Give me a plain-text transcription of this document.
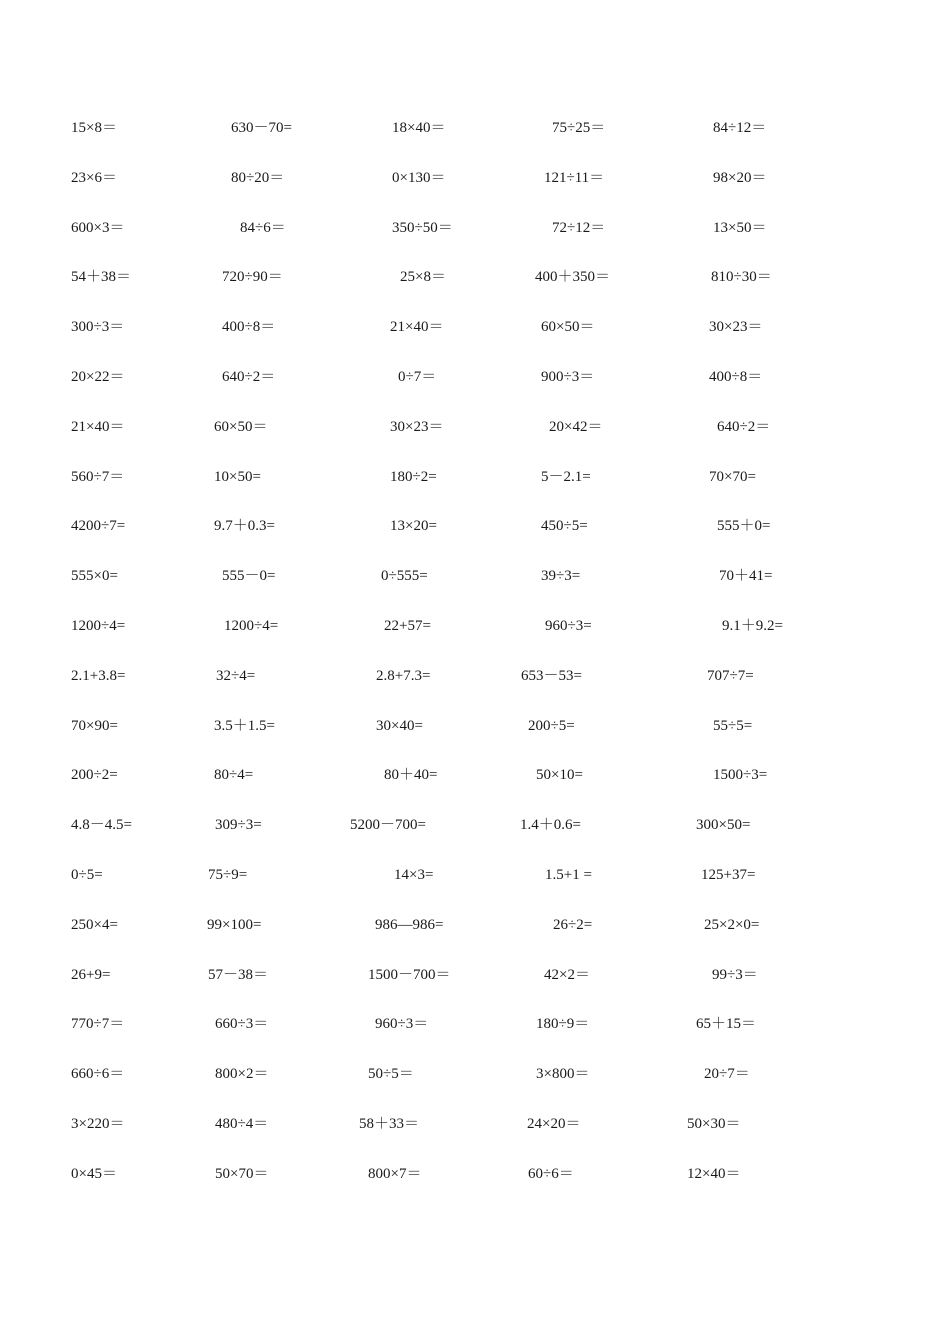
15×8＝	630－70=	18×40＝	75÷25＝	84÷12＝
23×6＝	80÷20＝	0×130＝	121÷11＝	98×20＝
600×3＝	84÷6＝	350÷50＝	72÷12＝	13×50＝
54＋38＝	720÷90＝	25×8＝	400＋350＝	810÷30＝
300÷3＝	400÷8＝	21×40＝	60×50＝	30×23＝
20×22＝	640÷2＝	0÷7＝	900÷3＝	400÷8＝
21×40＝	60×50＝	30×23＝	20×42＝	640÷2＝
560÷7＝	10×50=	180÷2=	5－2.1=	70×70=
4200÷7=	9.7＋0.3=	13×20=	450÷5=	555＋0=
555×0=	555－0=	0÷555=	39÷3=	70＋41=
1200÷4=	1200÷4=	22+57=	960÷3=	9.1＋9.2=
2.1+3.8=	32÷4=	2.8+7.3=	653－53=	707÷7=
70×90=	3.5＋1.5=	30×40=	200÷5=	55÷5=
200÷2=	80÷4=	80＋40=	50×10=	1500÷3=
4.8－4.5=	309÷3=	5200－700=	1.4＋0.6=	300×50=
0÷5=	75÷9=	14×3=	1.5+1 =	125+37=
250×4=	99×100=	986—986=	26÷2=	25×2×0=
26+9=	57－38＝	1500－700＝	42×2＝	99÷3＝
770÷7＝	660÷3＝	960÷3＝	180÷9＝	65＋15＝
660÷6＝	800×2＝	50÷5＝	3×800＝	20÷7＝
3×220＝	480÷4＝	58＋33＝	24×20＝	50×30＝
0×45＝	50×70＝	800×7＝	60÷6＝	12×40＝
